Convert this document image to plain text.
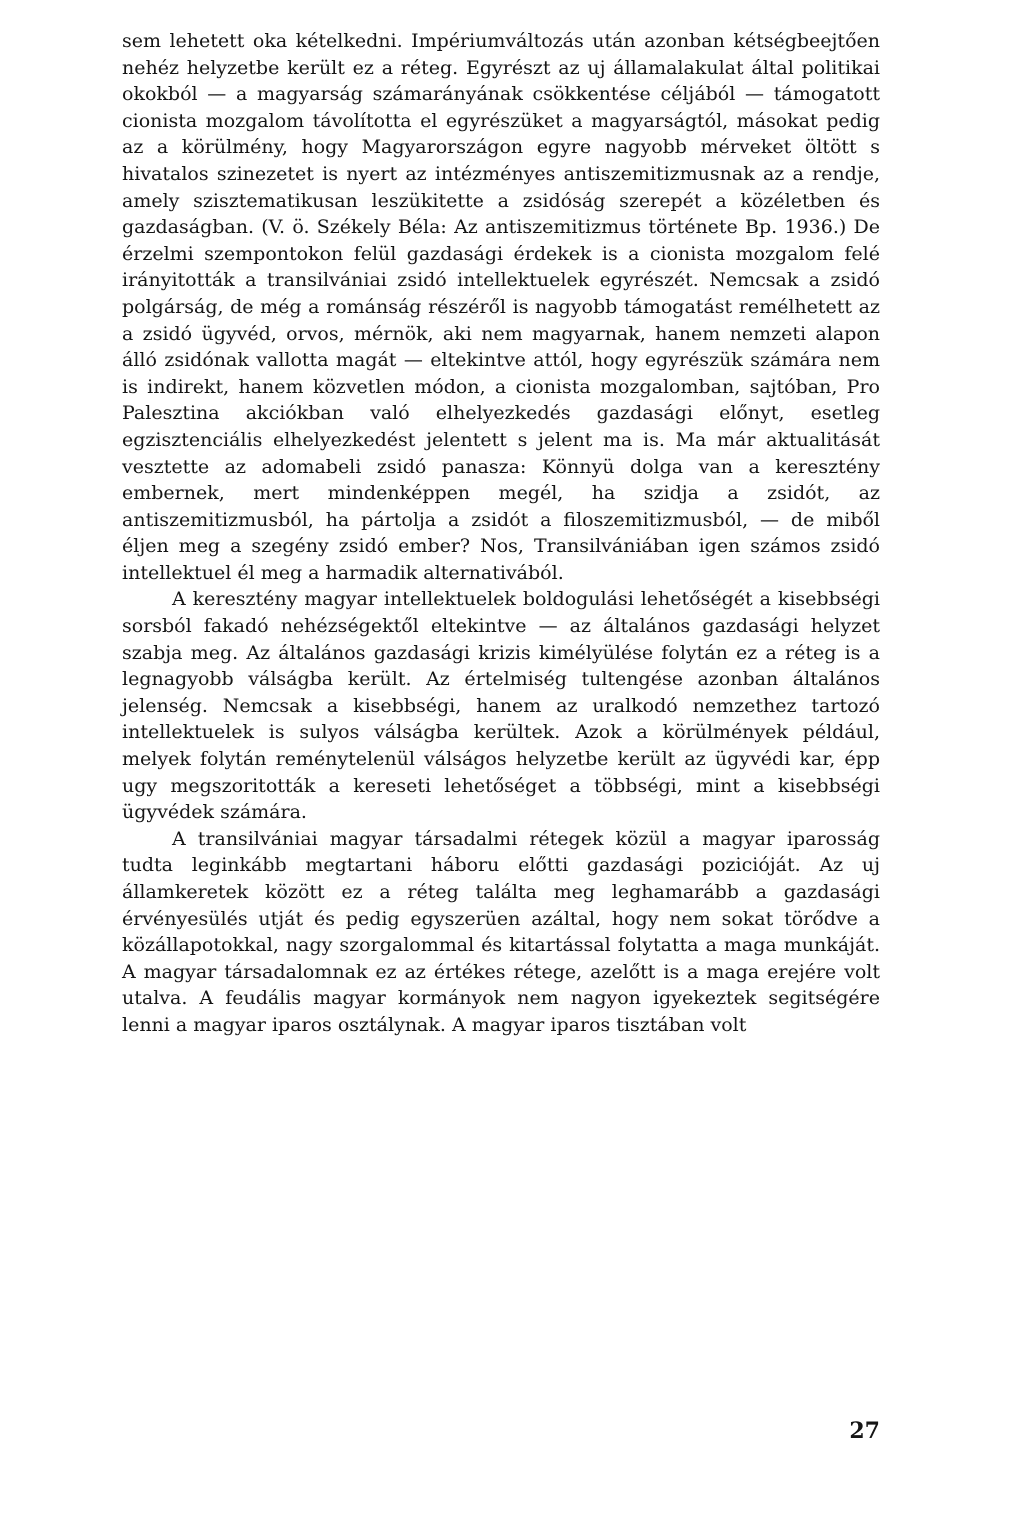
sem lehetett oka kételkedni. Impériumváltozás után azonban kétségbeejtően nehéz helyzetbe került ez a réteg. Egyrészt az uj államalakulat által politikai okokból — a magyarság számarányának csökkentése céljából — támogatott cionista mozgalom távolította el egyrészüket a magyarságtól, másokat pedig az a körülmény, hogy Magyarországon egyre nagyobb mérveket öltött s hivatalos szinezetet is nyert az intézményes antiszemitizmusnak az a rendje, amely szisztematikusan leszükitette a zsidóság szerepét a közéletben és gazdaságban. (V. ö. Székely Béla: Az antiszemitizmus története Bp. 1936.) De érzelmi szempontokon felül gazdasági érdekek is a cionista mozgalom felé irányitották a transilvániai zsidó intellektuelek egyrészét. Nemcsak a zsidó polgárság, de még a románság részéről is nagyobb támogatást remélhetett az a zsidó ügyvéd, orvos, mérnök, aki nem magyarnak, hanem nemzeti alapon álló zsidónak vallotta magát — eltekintve attól, hogy egyrészük számára nem is indirekt, hanem közvetlen módon, a cionista mozgalomban, sajtóban, Pro Palesztina akciókban való elhelyezkedés gazdasági előnyt, esetleg egzisztenciális elhelyezkedést jelentett s jelent ma is. Ma már aktualitását vesztette az adomabeli zsidó panasza: Könnyü dolga van a keresztény embernek, mert mindenképpen megél, ha szidja a zsidót, az antiszemitizmusból, ha pártolja a zsidót a filoszemitizmusból, — de miből éljen meg a szegény zsidó ember? Nos, Transilvániában igen számos zsidó intellektuel él meg a harmadik alternativából.

A keresztény magyar intellektuelek boldogulási lehetőségét a kisebbségi sorsból fakadó nehézségektől eltekintve — az általános gazdasági helyzet szabja meg. Az általános gazdasági krizis kimélyülése folytán ez a réteg is a legnagyobb válságba került. Az értelmiség tultengése azonban általános jelenség. Nemcsak a kisebbségi, hanem az uralkodó nemzethez tartozó intellektuelek is sulyos válságba kerültek. Azok a körülmények például, melyek folytán reménytelenül válságos helyzetbe került az ügyvédi kar, épp ugy megszoritották a kereseti lehetőséget a többségi, mint a kisebbségi ügyvédek számára.

A transilvániai magyar társadalmi rétegek közül a magyar iparosság tudta leginkább megtartani háboru előtti gazdasági pozicióját. Az uj államkeretek között ez a réteg találta meg leghamarább a gazdasági érvényesülés utját és pedig egyszerüen azáltal, hogy nem sokat törődve a közállapotokkal, nagy szorgalommal és kitartással folytatta a maga munkáját. A magyar társadalomnak ez az értékes rétege, azelőtt is a maga erejére volt utalva. A feudális magyar kormányok nem nagyon igyekeztek segitségére lenni a magyar iparos osztálynak. A magyar iparos tisztában volt

27
